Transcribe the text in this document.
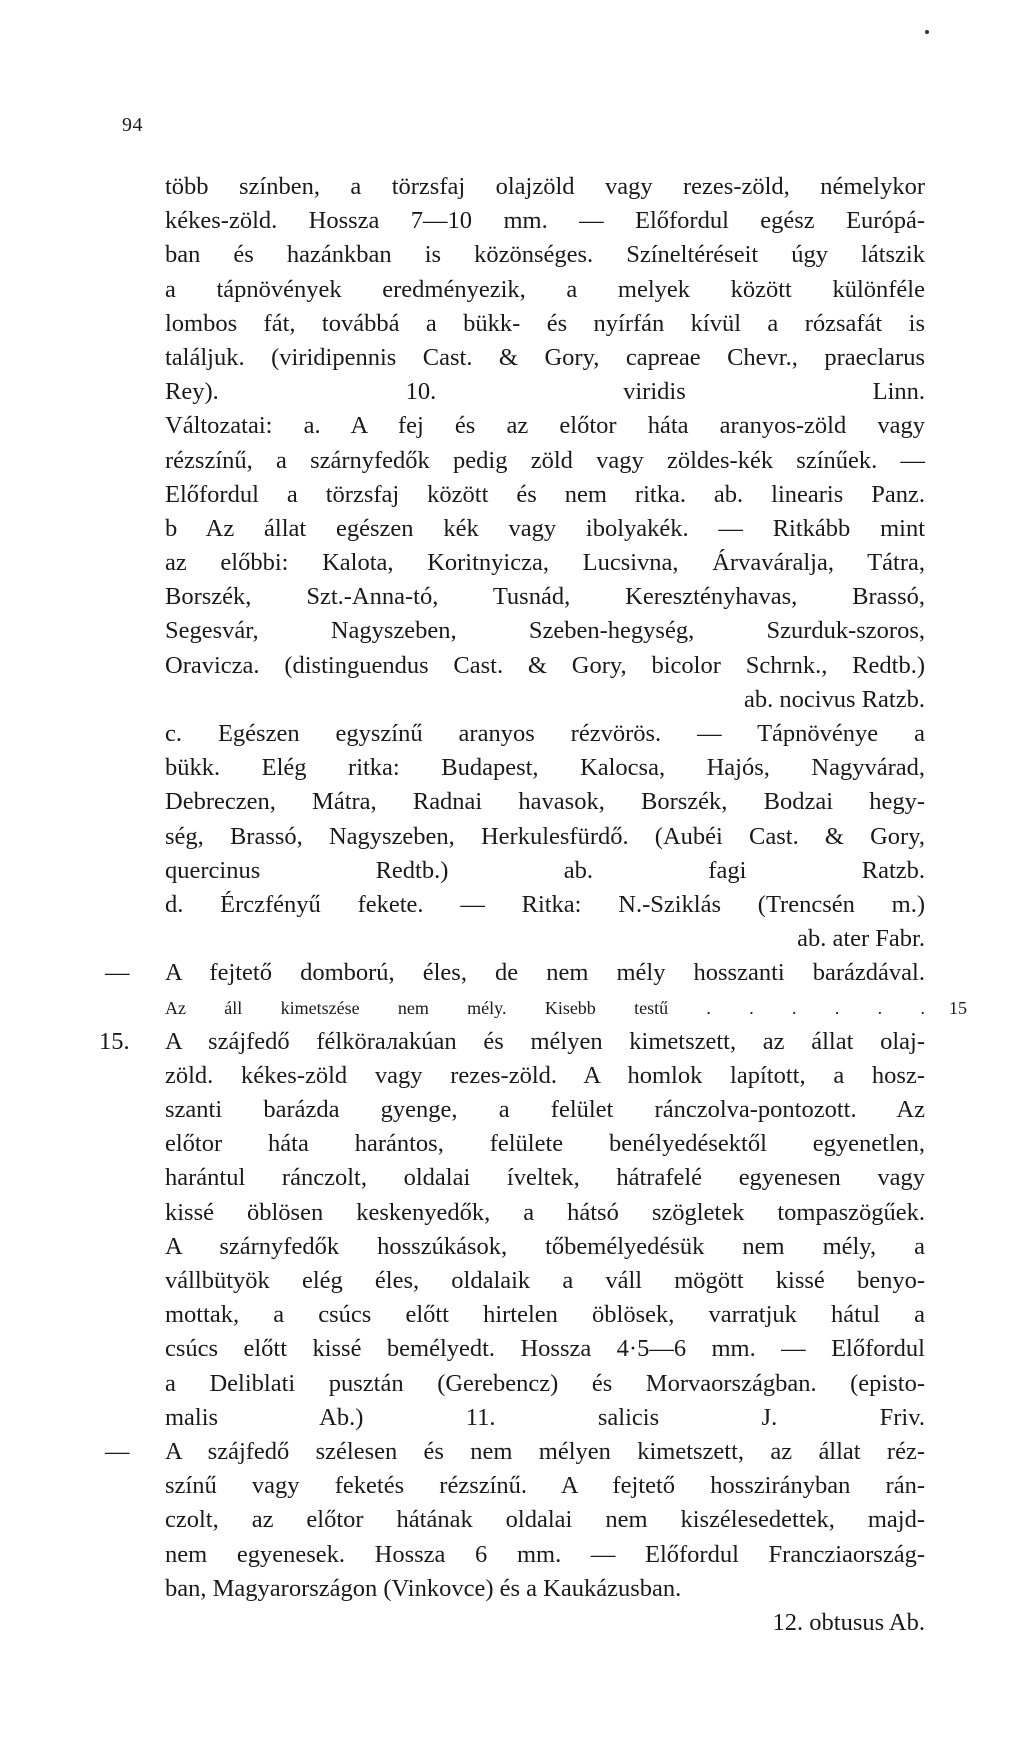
94
több színben, a törzsfaj olajzöld vagy rezes-zöld, némelykor
kékes-zöld. Hossza 7—10 mm. — Előfordul egész Európá-
ban és hazánkban is közönséges. Színeltéréseit úgy látszik
a tápnövények eredményezik, a melyek között különféle
lombos fát, továbbá a bükk- és nyírfán kívül a rózsafát is
találjuk. (viridipennis Cast. & Gory, capreae Chevr., praeclarus
Rey). 10. viridis Linn.
Változatai: a. A fej és az előtor háta aranyos-zöld vagy
rézszínű, a szárnyfedők pedig zöld vagy zöldes-kék színűek. —
Előfordul a törzsfaj között és nem ritka. ab. linearis Panz.
b Az állat egészen kék vagy ibolyakék. — Ritkább mint
az előbbi: Kalota, Koritnyicza, Lucsivna, Árvaváralja, Tátra,
Borszék, Szt.-Anna-tó, Tusnád, Keresztényhavas, Brassó,
Segesvár, Nagyszeben, Szeben-hegység, Szurduk-szoros,
Oravicza. (distinguendus Cast. & Gory, bicolor Schrnk., Redtb.)
ab. nocivus Ratzb.
c. Egészen egyszínű aranyos rézvörös. — Tápnövénye a
bükk. Elég ritka: Budapest, Kalocsa, Hajós, Nagyvárad,
Debreczen, Mátra, Radnai havasok, Borszék, Bodzai hegy-
ség, Brassó, Nagyszeben, Herkulesfürdő. (Aubéi Cast. & Gory,
quercinus Redtb.) ab. fagi Ratzb.
d. Érczfényű fekete. — Ritka: N.-Sziklás (Trencsén m.)
ab. ater Fabr.
— A fejtető domború, éles, de nem mély hosszanti barázdával.
Az áll kimetszése nem mély. Kisebb testű . . . . . . 15
15. A szájfedő félkörалakúan és mélyen kimetszett, az állat olaj-
zöld. kékes-zöld vagy rezes-zöld. A homlok lapított, a hosz-
szanti barázda gyenge, a felület ránczolva-pontozott. Az
előtor háta harántos, felülete benélyedésektől egyenetlen,
harántul ránczolt, oldalai íveltek, hátrafelé egyenesen vagy
kissé öblösen keskenyedők, a hátsó szögletek tompaszögűek.
A szárnyfedők hosszúkások, tőbemélyedésük nem mély, a
vállbütyök elég éles, oldalaik a váll mögött kissé benyo-
mottak, a csúcs előtt hirtelen öblösek, varratjuk hátul a
csúcs előtt kissé bemélyedt. Hossza 4·5—6 mm. — Előfordul
a Deliblati pusztán (Gerebencz) és Morvaországban. (episto-
malis Ab.) 11. salicis J. Friv.
— A szájfedő szélesen és nem mélyen kimetszett, az állat réz-
színű vagy feketés rézszínű. A fejtető hosszirányban rán-
czolt, az előtor hátának oldalai nem kiszélesedettek, majd-
nem egyenesek. Hossza 6 mm. — Előfordul Francziaország-
ban, Magyarországon (Vinkovce) és a Kaukázusban.
12. obtusus Ab.
